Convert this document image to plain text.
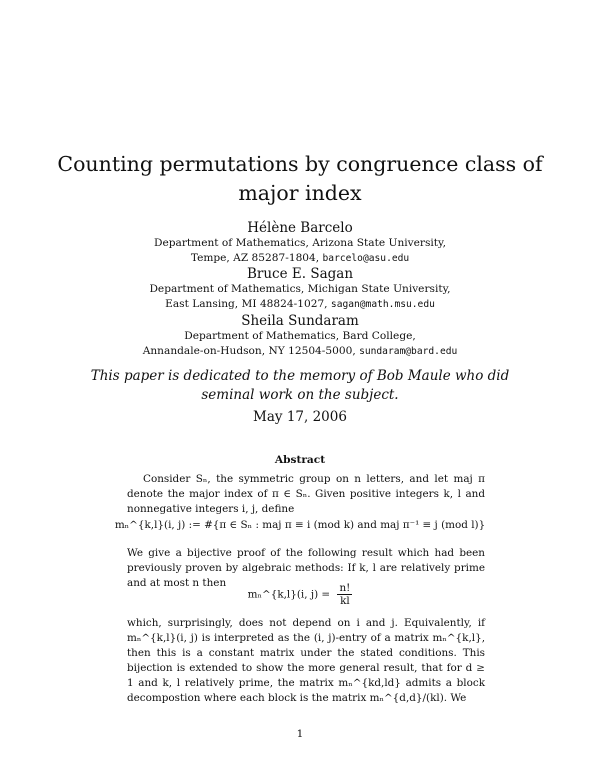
Counting permutations by congruence class of
major index
Hélène Barcelo
Department of Mathematics, Arizona State University,
Tempe, AZ 85287-1804, barcelo@asu.edu
Bruce E. Sagan
Department of Mathematics, Michigan State University,
East Lansing, MI 48824-1027, sagan@math.msu.edu
Sheila Sundaram
Department of Mathematics, Bard College,
Annandale-on-Hudson, NY 12504-5000, sundaram@bard.edu
This paper is dedicated to the memory of Bob Maule who did
seminal work on the subject.
May 17, 2006
Abstract
Consider Sₙ, the symmetric group on n letters, and let maj π denote the major index of π ∈ Sₙ. Given positive integers k, l and nonnegative integers i, j, define
mₙ^{k,l}(i, j) := #{π ∈ Sₙ : maj π ≡ i (mod k) and maj π⁻¹ ≡ j (mod l)}
We give a bijective proof of the following result which had been previously proven by algebraic methods: If k, l are relatively prime and at most n then
mₙ^{k,l}(i, $j) = \frac{n!}{kl}$
which, surprisingly, does not depend on i and j. Equivalently, if mₙ^{k,l}(i, j) is interpreted as the (i, j)-entry of a matrix mₙ^{k,l}, then this is a constant matrix under the stated conditions. This bijection is extended to show the more general result, that for d ≥ 1 and k, l relatively prime, the matrix mₙ^{kd,ld} admits a block decompostion where each block is the matrix mₙ^{d,d}/(kl). We
1
